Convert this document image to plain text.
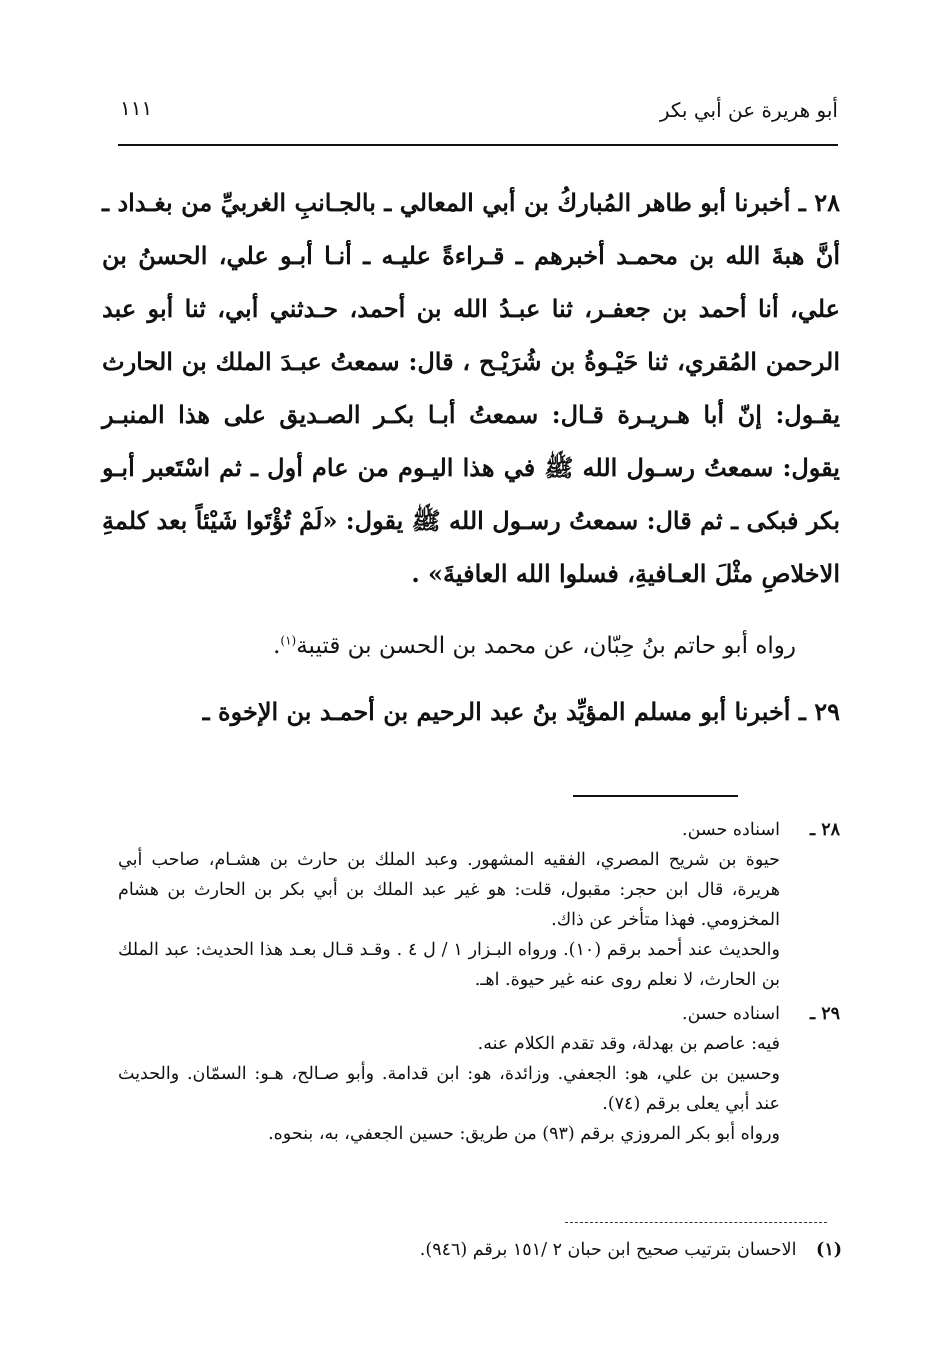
أبو هريرة عن أبي بكر
١١١

٢٨ ـ أخبرنا أبو طاهر المُباركُ بن أبي المعالي ـ بالجـانبِ الغربيِّ من بغـداد ـ أنَّ هبةَ الله بن محمـد أخبرهم ـ قـراءةً عليـه ـ أنـا أبـو علي، الحسنُ بن علي، أنا أحمد بن جعفـر، ثنا عبـدُ الله بن أحمد، حـدثني أبي، ثنا أبو عبد الرحمن المُقري، ثنا حَيْـوةُ بن شُرَيْـح ، قال: سمعتُ عبـدَ الملك بن الحارث يقـول: إنّ أبا هـريـرة قـال: سمعتُ أبـا بكـر الصـديق على هذا المنبـر يقول: سمعتُ رسـول الله ﷺ في هذا اليـوم من عام أول ـ ثم اسْتَعبر أبـو بكر فبكى ـ ثم قال: سمعتُ رسـول الله ﷺ يقول: «لَمْ تُؤْتَوا شَيْئاً بعد كلمةِ الاخلاصِ مثْلَ العـافيةِ، فسلوا الله العافيةَ» .

رواه أبو حاتم بنُ حِبّان، عن محمد بن الحسن بن قتيبة$^{(١)}$.

٢٩ ـ أخبرنا أبو مسلم المؤيِّد بنُ عبد الرحيم بن أحمـد بن الإخوة ـ

٢٨ ـ

اسناده حسن.

حيوة بن شريح المصري، الفقيه المشهور. وعبد الملك بن حارث بن هشـام، صاحب أبي هريرة، قال ابن حجر: مقبول، قلت: هو غير عبد الملك بن أبي بكر بن الحارث بن هشام المخزومي. فهذا متأخر عن ذاك.

والحديث عند أحمد برقم (١٠). ورواه البـزار ١ / ل ٤ . وقـد قـال بعـد هذا الحديث: عبد الملك بن الحارث، لا نعلم روى عنه غير حيوة. اهـ.

٢٩ ـ

اسناده حسن.

فيه: عاصم بن بهدلة، وقد تقدم الكلام عنه.

وحسين بن علي، هو: الجعفي. وزائدة، هو: ابن قدامة. وأبو صـالح، هـو: السمّان. والحديث عند أبي يعلى برقم (٧٤).

ورواه أبو بكر المروزي برقم (٩٣) من طريق: حسين الجعفي، به، بنحوه.

(١) الاحسان بترتيب صحيح ابن حبان ٢ /١٥١ برقم (٩٤٦).
